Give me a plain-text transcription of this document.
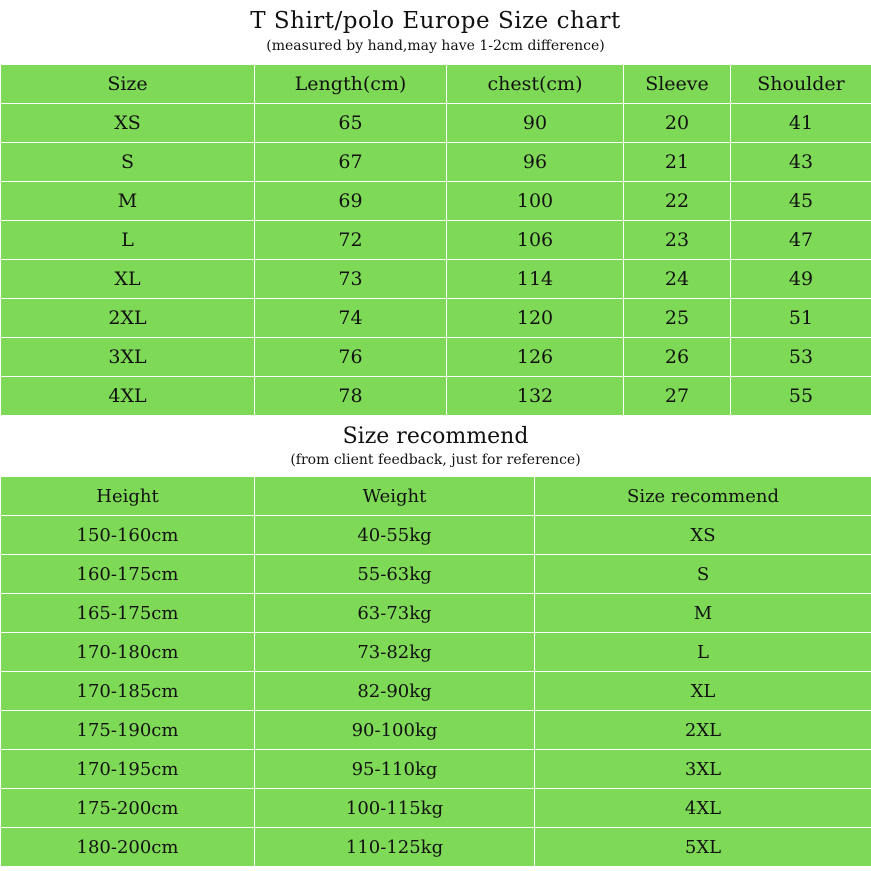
T Shirt/polo Europe Size chart
(measured by hand,may have 1-2cm difference)
Size	Length(cm)	chest(cm)	Sleeve	Shoulder
XS	65	90	20	41
S	67	96	21	43
M	69	100	22	45
L	72	106	23	47
XL	73	114	24	49
2XL	74	120	25	51
3XL	76	126	26	53
4XL	78	132	27	55
Size recommend
(from client feedback, just for reference)
Height	Weight	Size recommend
150-160cm	40-55kg	XS
160-175cm	55-63kg	S
165-175cm	63-73kg	M
170-180cm	73-82kg	L
170-185cm	82-90kg	XL
175-190cm	90-100kg	2XL
170-195cm	95-110kg	3XL
175-200cm	100-115kg	4XL
180-200cm	110-125kg	5XL
